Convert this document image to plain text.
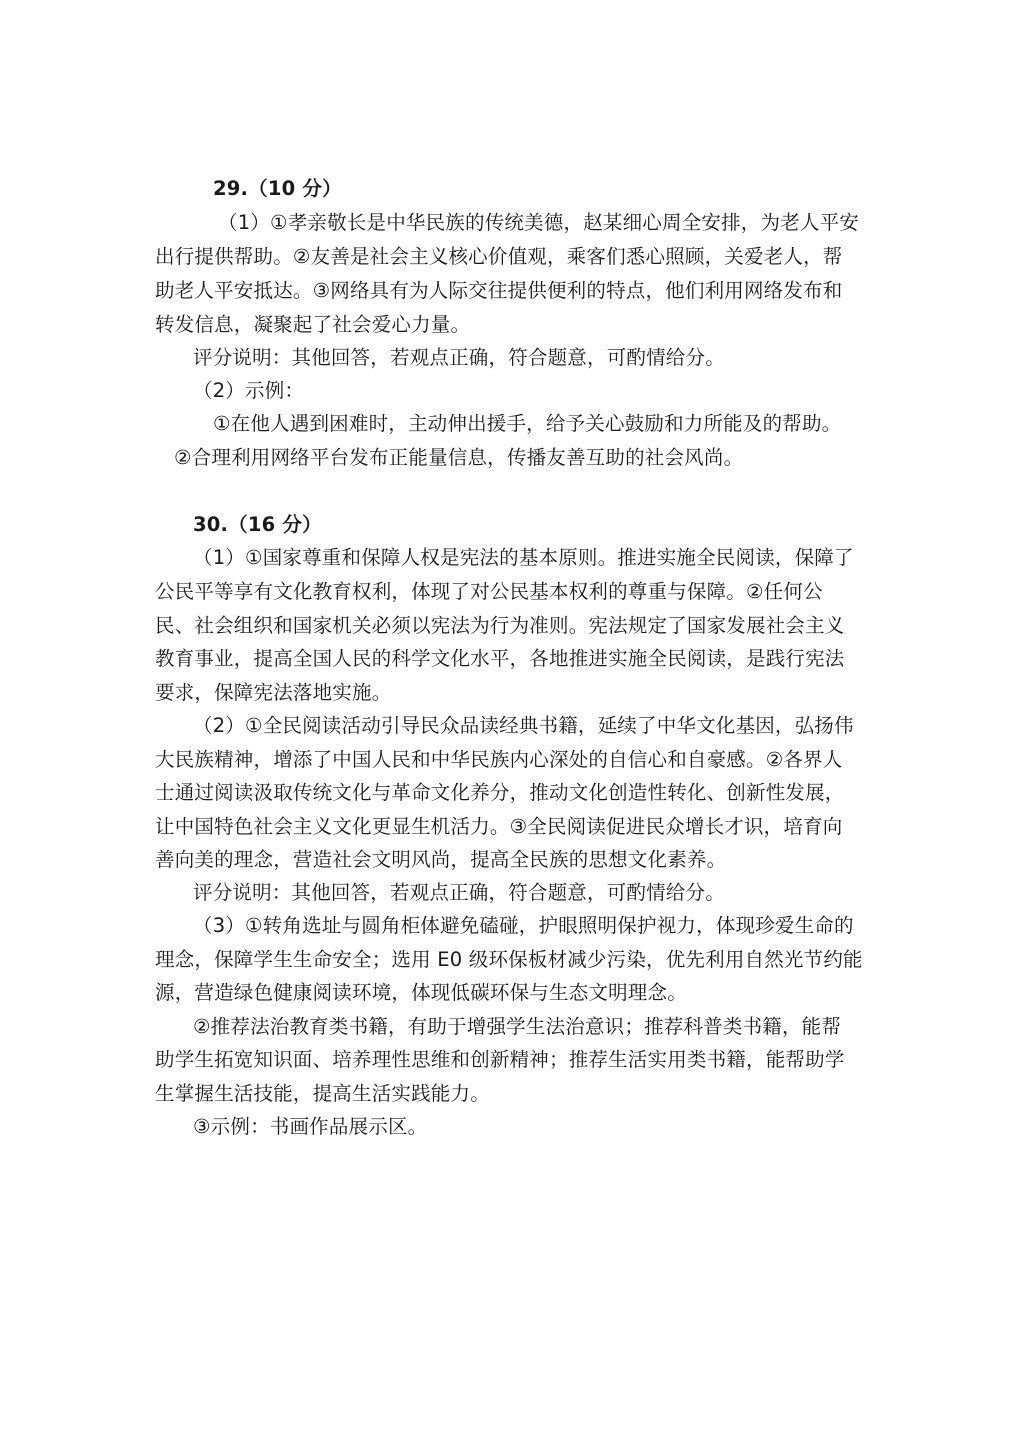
29.（10 分）
（1）①孝亲敬长是中华民族的传统美德，赵某细心周全安排，为老人平安
出行提供帮助。②友善是社会主义核心价值观，乘客们悉心照顾，关爱老人，帮
助老人平安抵达。③网络具有为人际交往提供便利的特点，他们利用网络发布和
转发信息，凝聚起了社会爱心力量。
评分说明：其他回答，若观点正确，符合题意，可酌情给分。
（2）示例：
①在他人遇到困难时，主动伸出援手，给予关心鼓励和力所能及的帮助。
②合理利用网络平台发布正能量信息，传播友善互助的社会风尚。
30.（16 分）
（1）①国家尊重和保障人权是宪法的基本原则。推进实施全民阅读，保障了
公民平等享有文化教育权利，体现了对公民基本权利的尊重与保障。②任何公
民、社会组织和国家机关必须以宪法为行为准则。宪法规定了国家发展社会主义
教育事业，提高全国人民的科学文化水平，各地推进实施全民阅读，是践行宪法
要求，保障宪法落地实施。
（2）①全民阅读活动引导民众品读经典书籍，延续了中华文化基因，弘扬伟
大民族精神，增添了中国人民和中华民族内心深处的自信心和自豪感。②各界人
士通过阅读汲取传统文化与革命文化养分，推动文化创造性转化、创新性发展，
让中国特色社会主义文化更显生机活力。③全民阅读促进民众增长才识，培育向
善向美的理念，营造社会文明风尚，提高全民族的思想文化素养。
评分说明：其他回答，若观点正确，符合题意，可酌情给分。
（3）①转角选址与圆角柜体避免磕碰，护眼照明保护视力，体现珍爱生命的
理念，保障学生生命安全；选用 E0 级环保板材减少污染，优先利用自然光节约能
源，营造绿色健康阅读环境，体现低碳环保与生态文明理念。
②推荐法治教育类书籍，有助于增强学生法治意识；推荐科普类书籍，能帮
助学生拓宽知识面、培养理性思维和创新精神；推荐生活实用类书籍，能帮助学
生掌握生活技能，提高生活实践能力。
③示例：书画作品展示区。
